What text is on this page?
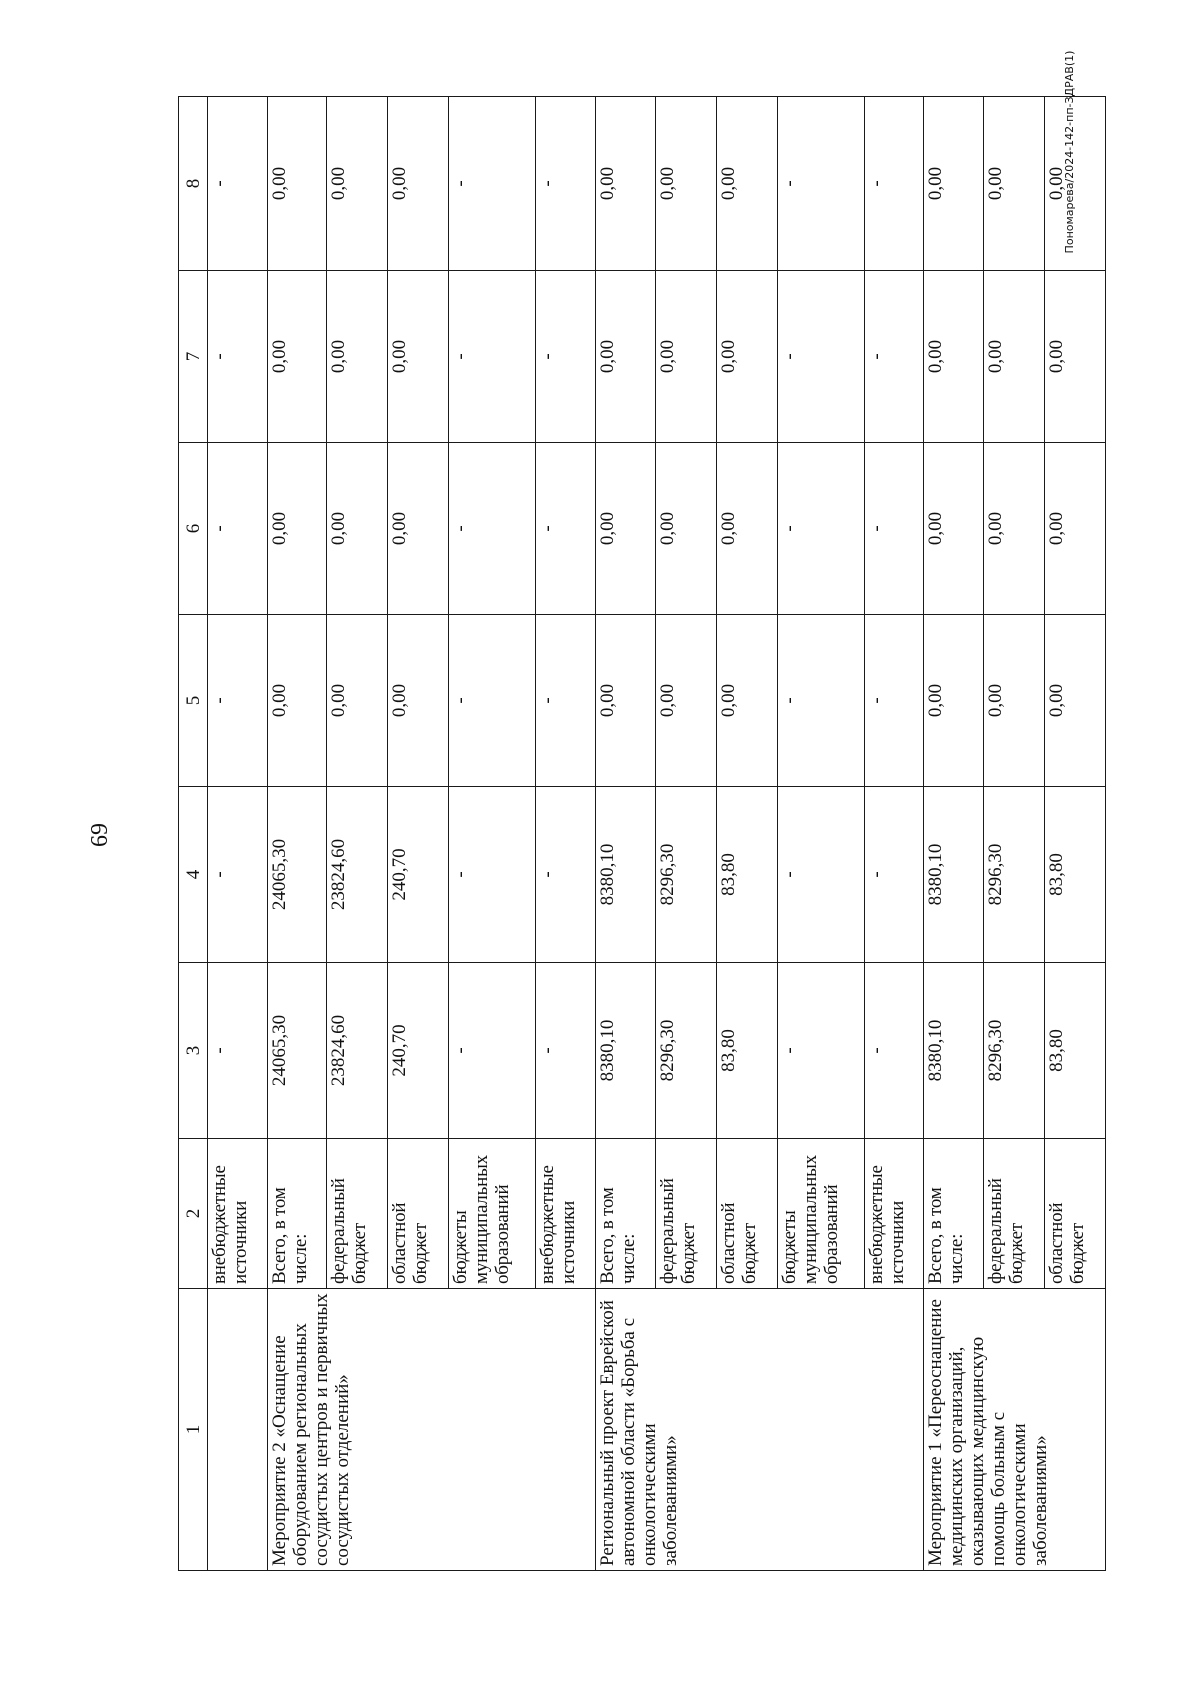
69
Пономарева/2024-142-пп-ЗДРАВ(1)
1	2	3	4	5	6	7	8
	внебюджетные источники	-	-	-	-	-	-
Мероприятие 2 «Оснащение оборудованием региональных сосудистых центров и первичных сосудистых отделений»	Всего, в том числе:	24065,30	24065,30	0,00	0,00	0,00	0,00
	федеральный бюджет	23824,60	23824,60	0,00	0,00	0,00	0,00
	областной бюджет	240,70	240,70	0,00	0,00	0,00	0,00
	бюджеты муниципальных образований	-	-	-	-	-	-
	внебюджетные источники	-	-	-	-	-	-
Региональный проект Еврейской автономной области «Борьба с онкологическими заболеваниями»	Всего, в том числе:	8380,10	8380,10	0,00	0,00	0,00	0,00
	федеральный бюджет	8296,30	8296,30	0,00	0,00	0,00	0,00
	областной бюджет	83,80	83,80	0,00	0,00	0,00	0,00
	бюджеты муниципальных образований	-	-	-	-	-	-
	внебюджетные источники	-	-	-	-	-	-
Мероприятие 1 «Переоснащение медицинских организаций, оказывающих медицинскую помощь больным с онкологическими заболеваниями»	Всего, в том числе:	8380,10	8380,10	0,00	0,00	0,00	0,00
	федеральный бюджет	8296,30	8296,30	0,00	0,00	0,00	0,00
	областной бюджет	83,80	83,80	0,00	0,00	0,00	0,00
